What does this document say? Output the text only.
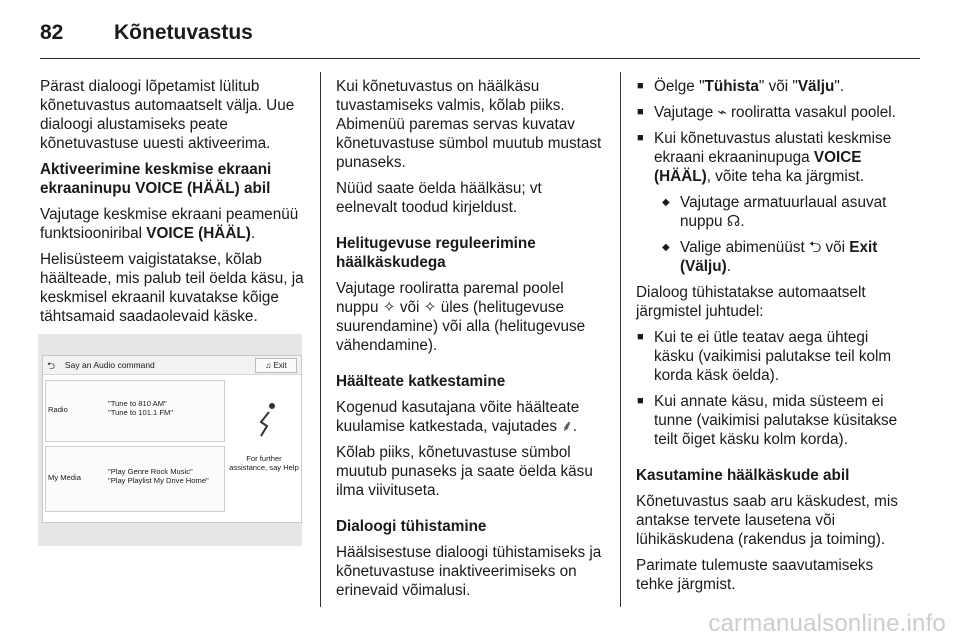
82	Kõnetuvastus

Pärast dialoogi lõpetamist lülitub kõnetuvastus automaatselt välja. Uue dialoogi alustamiseks peate kõnetuvastuse uuesti aktiveerima.

Aktiveerimine keskmise ekraani ekraaninupu VOICE (HÄÄL) abil

Vajutage keskmise ekraani peamenüü funktsiooniribal VOICE (HÄÄL).

Helisüsteem vaigistatakse, kõlab häälteade, mis palub teil öelda käsu, ja keskmisel ekraanil kuvatakse kõige tähtsamaid saadaolevaid käske.

⮌ Say an Audio command	♫ Exit
Radio
"Tune to 810 AM"
"Tune to 101.1 FM"
My Media
"Play Genre Rock Music"
"Play Playlist My Drive Home"
For further assistance, say Help

Kui kõnetuvastus on häälkäsu tuvastamiseks valmis, kõlab piiks. Abimenüü paremas servas kuvatav kõnetuvastuse sümbol muutub mustast punaseks.

Nüüd saate öelda häälkäsu; vt eelnevalt toodud kirjeldust.

Helitugevuse reguleerimine häälkäskudega

Vajutage rooliratta paremal poolel nuppu ✧ või ✧ üles (helitugevuse suurendamine) või alla (helitugevuse vähendamine).

Häälteate katkestamine

Kogenud kasutajana võite häälteate kuulamise katkestada, vajutades ⸙.

Kõlab piiks, kõnetuvastuse sümbol muutub punaseks ja saate öelda käsu ilma viivituseta.

Dialoogi tühistamine

Häälsisestuse dialoogi tühistamiseks ja kõnetuvastuse inaktiveerimiseks on erinevaid võimalusi.

■ Öelge "Tühista" või "Välju".

■ Vajutage ⌁ rooliratta vasakul poolel.

■ Kui kõnetuvastus alustati keskmise ekraani ekraaninupuga VOICE (HÄÄL), võite teha ka järgmist.

◆ Vajutage armatuurlaual asuvat nuppu ☊.

◆ Valige abimenüüst ⮌ või Exit (Välju).

Dialoog tühistatakse automaatselt järgmistel juhtudel:

■ Kui te ei ütle teatav aega ühtegi käsku (vaikimisi palutakse teil kolm korda käsk öelda).

■ Kui annate käsu, mida süsteem ei tunne (vaikimisi palutakse küsitakse teilt õiget käsku kolm korda).

Kasutamine häälkäskude abil

Kõnetuvastus saab aru käskudest, mis antakse tervete lausetena või lühikäskudena (rakendus ja toiming).

Parimate tulemuste saavutamiseks tehke järgmist.

carmanualsonline.info
